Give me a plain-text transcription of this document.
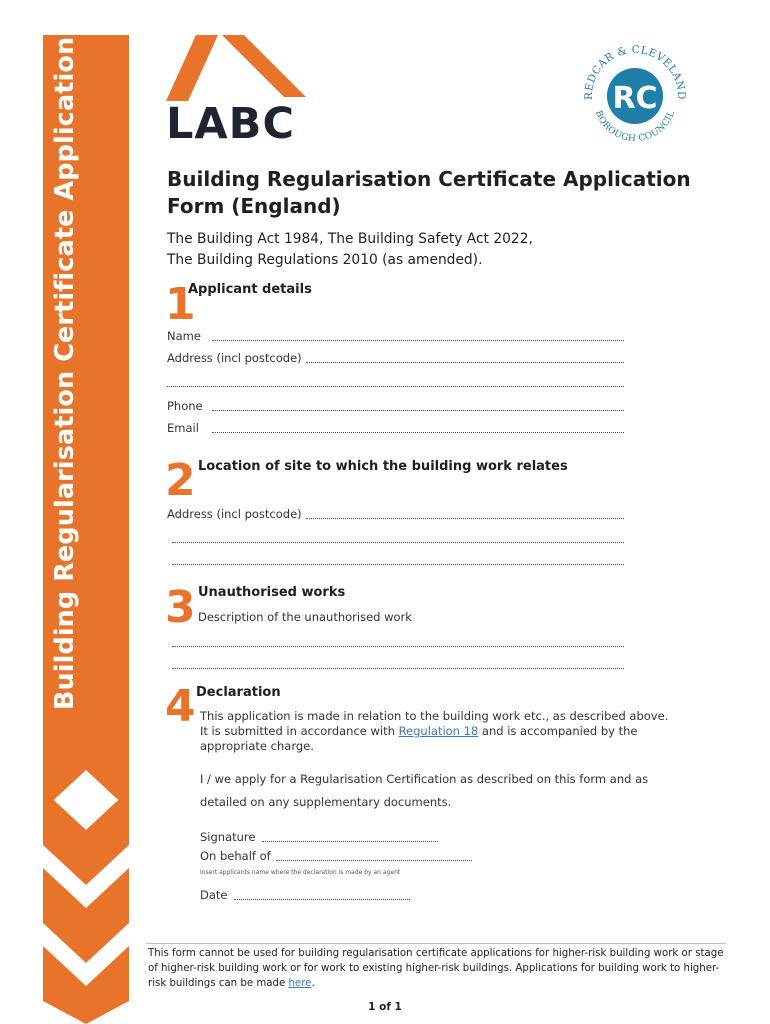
Building Regularisation Certificate Application LABC
REDCAR & CLEVELAND
BOROUGH COUNCIL
RC
Building Regularisation Certificate Application
Form (England)
The Building Act 1984, The Building Safety Act 2022,
The Building Regulations 2010 (as amended).
1
Applicant details
Name
Address (incl postcode)
Phone
Email
2 Location of site to which the building work relates
Address (incl postcode)
3 Unauthorised works
Description of the unauthorised work
4 Declaration
This application is made in relation to the building work etc., as described above.
It is submitted in accordance with Regulation 18 and is accompanied by the
appropriate charge.
I / we apply for a Regularisation Certification as described on this form and as
detailed on any supplementary documents.
Signature
On behalf of
Insert applicants name where the declaration is made by an agent
Date
This form cannot be used for building regularisation certificate applications for higher-risk building work or stage
of higher-risk building work or for work to existing higher-risk buildings. Applications for building work to higher-
risk buildings can be made here.
1 of 1
